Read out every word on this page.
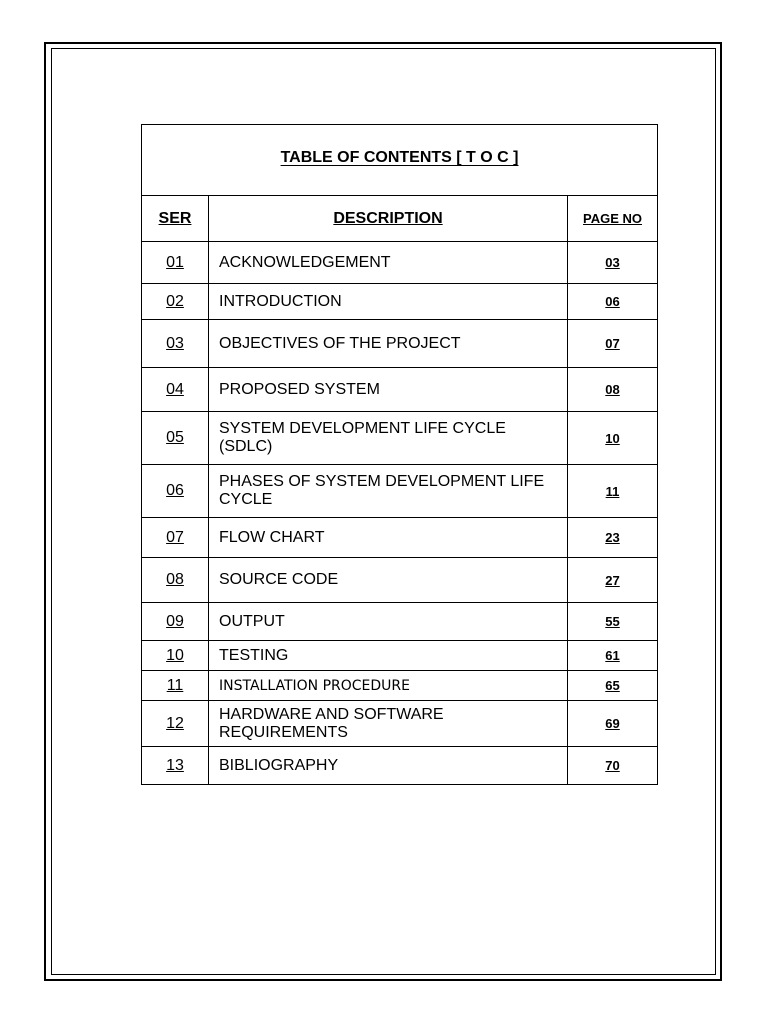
TABLE OF CONTENTS [ T O C ]		
SER	DESCRIPTION	PAGE NO
01	ACKNOWLEDGEMENT	03
02	INTRODUCTION	06
03	OBJECTIVES OF THE PROJECT	07
04	PROPOSED SYSTEM	08
05	SYSTEM DEVELOPMENT LIFE CYCLE (SDLC)	10
06	PHASES OF SYSTEM DEVELOPMENT LIFE CYCLE	11
07	FLOW CHART	23
08	SOURCE CODE	27
09	OUTPUT	55
10	TESTING	61
11	INSTALLATION PROCEDURE	65
12	HARDWARE AND SOFTWARE REQUIREMENTS	69
13	BIBLIOGRAPHY	70
